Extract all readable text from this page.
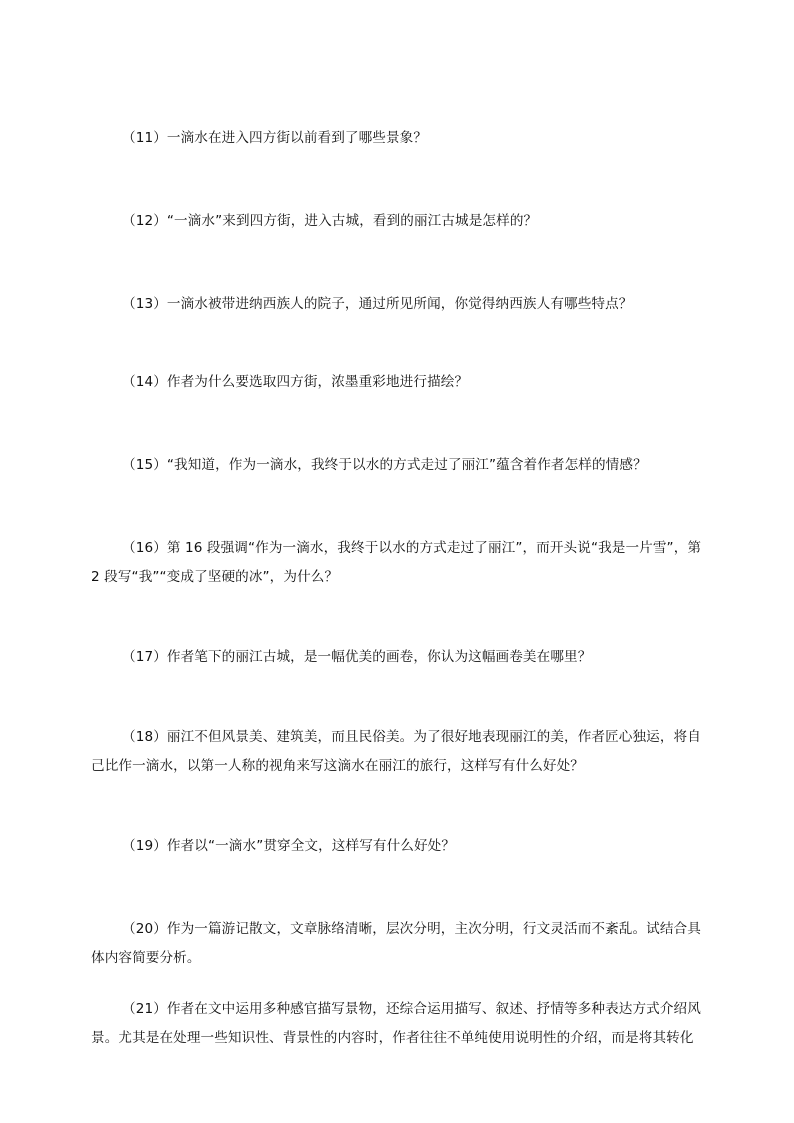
（11）一滴水在进入四方街以前看到了哪些景象？

（12）“一滴水”来到四方街，进入古城，看到的丽江古城是怎样的？

（13）一滴水被带进纳西族人的院子，通过所见所闻，你觉得纳西族人有哪些特点？

（14）作者为什么要选取四方街，浓墨重彩地进行描绘？

（15）“我知道，作为一滴水，我终于以水的方式走过了丽江”蕴含着作者怎样的情感？

（16）第 16 段强调“作为一滴水，我终于以水的方式走过了丽江”，而开头说“我是一片雪”，第 2 段写“我”“变成了坚硬的冰”，为什么？

（17）作者笔下的丽江古城，是一幅优美的画卷，你认为这幅画卷美在哪里？

（18）丽江不但风景美、建筑美，而且民俗美。为了很好地表现丽江的美，作者匠心独运，将自己比作一滴水，以第一人称的视角来写这滴水在丽江的旅行，这样写有什么好处？

（19）作者以“一滴水”贯穿全文，这样写有什么好处？

（20）作为一篇游记散文，文章脉络清晰，层次分明，主次分明，行文灵活而不紊乱。试结合具体内容简要分析。

（21）作者在文中运用多种感官描写景物，还综合运用描写、叙述、抒情等多种表达方式介绍风景。尤其是在处理一些知识性、背景性的内容时，作者往往不单纯使用说明性的介绍，而是将其转化
